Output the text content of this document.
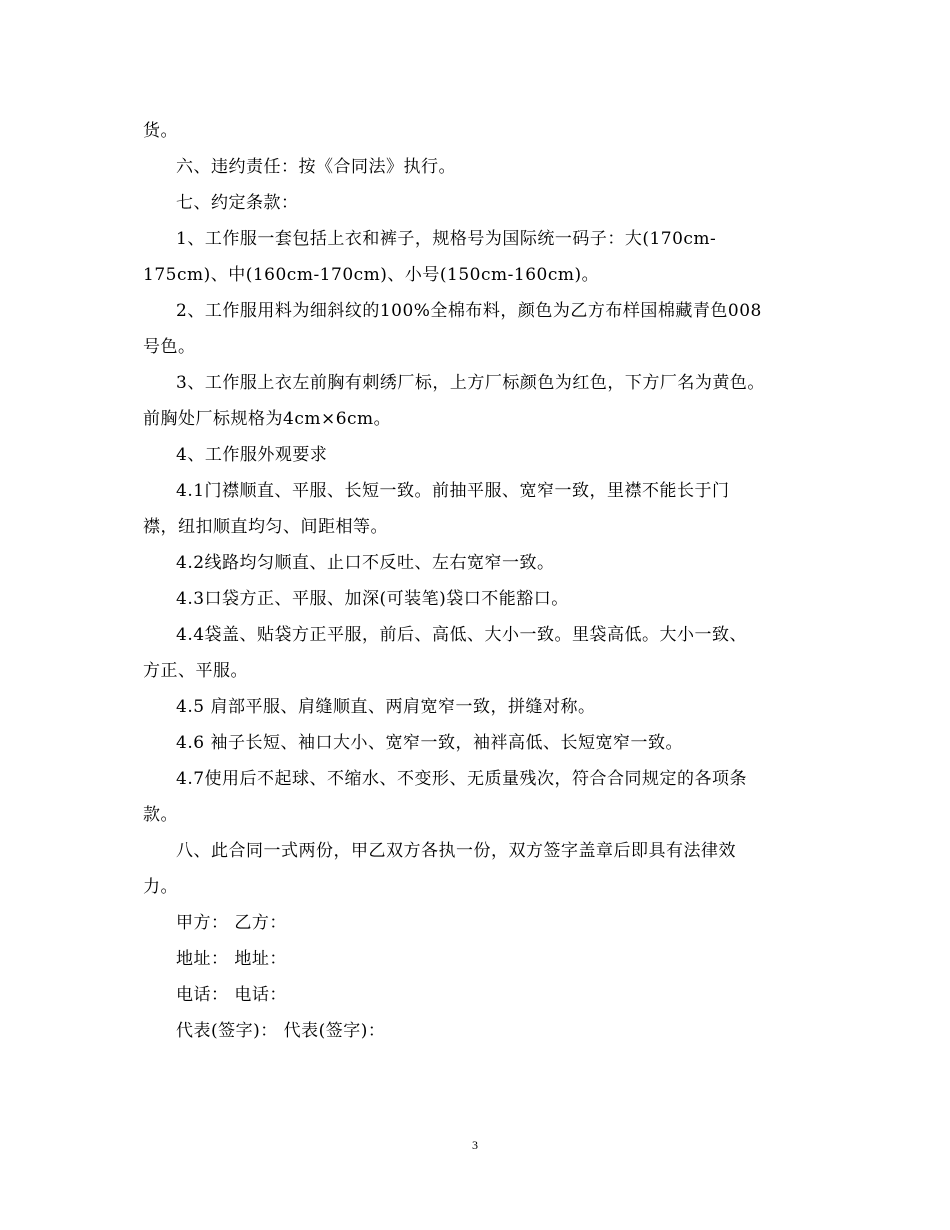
货。
六、违约责任：按《合同法》执行。
七、约定条款：
1、工作服一套包括上衣和裤子，规格号为国际统一码子：大(170cm-
175cm)、中(160cm-170cm)、小号(150cm-160cm)。
2、工作服用料为细斜纹的100%全棉布料，颜色为乙方布样国棉藏青色008
号色。
3、工作服上衣左前胸有刺绣厂标，上方厂标颜色为红色，下方厂名为黄色。
前胸处厂标规格为4cm×6cm。
4、工作服外观要求
4.1门襟顺直、平服、长短一致。前抽平服、宽窄一致，里襟不能长于门
襟，纽扣顺直均匀、间距相等。
4.2线路均匀顺直、止口不反吐、左右宽窄一致。
4.3口袋方正、平服、加深(可装笔)袋口不能豁口。
4.4袋盖、贴袋方正平服，前后、高低、大小一致。里袋高低。大小一致、
方正、平服。
4.5 肩部平服、肩缝顺直、两肩宽窄一致，拼缝对称。
4.6 袖子长短、袖口大小、宽窄一致，袖袢高低、长短宽窄一致。
4.7使用后不起球、不缩水、不变形、无质量残次，符合合同规定的各项条
款。
八、此合同一式两份，甲乙双方各执一份，双方签字盖章后即具有法律效
力。
甲方： 乙方：
地址： 地址：
电话： 电话：
代表(签字)： 代表(签字)：
3
